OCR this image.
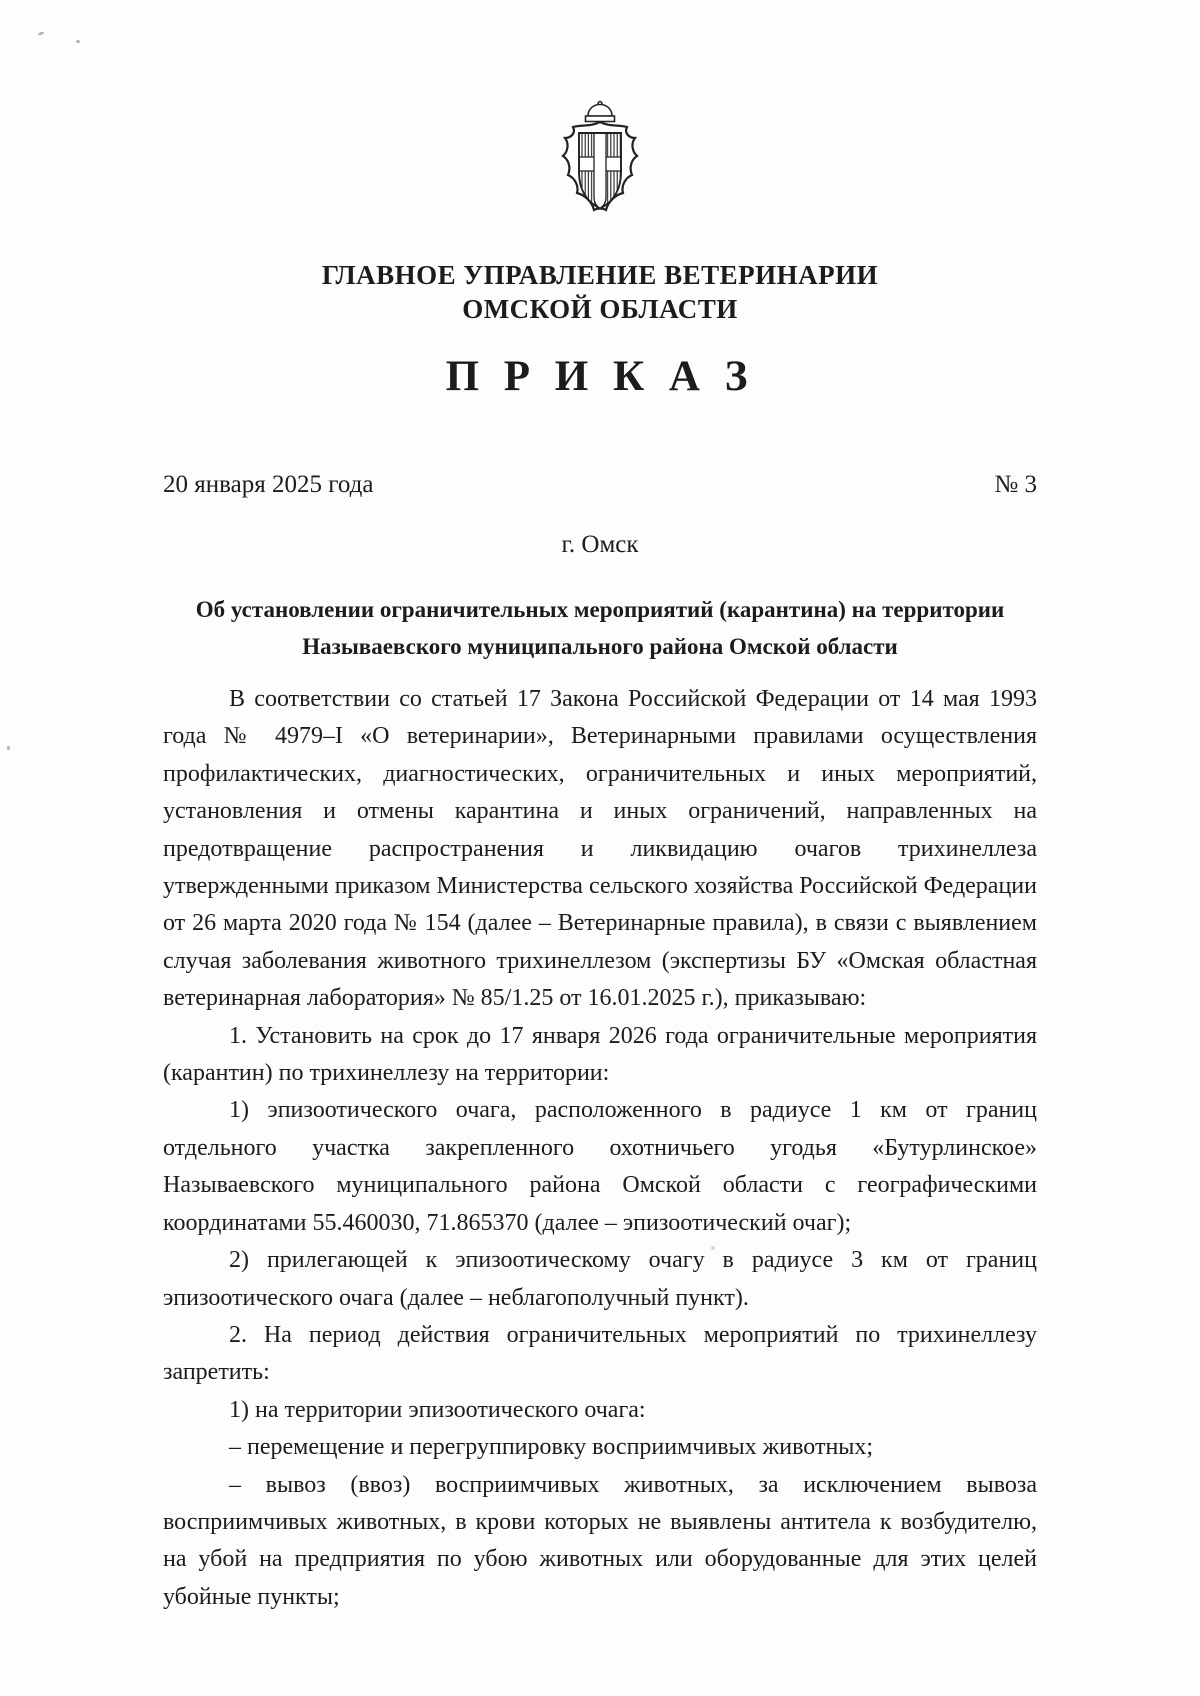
ГЛАВНОЕ УПРАВЛЕНИЕ ВЕТЕРИНАРИИ
ОМСКОЙ ОБЛАСТИ
П Р И К А З
20 января 2025 года	№ 3
г. Омск
Об установлении ограничительных мероприятий (карантина) на территории Называевского муниципального района Омской области

В соответствии со статьей 17 Закона Российской Федерации от 14 мая 1993 года № 4979–I «О ветеринарии», Ветеринарными правилами осуществления профилактических, диагностических, ограничительных и иных мероприятий, установления и отмены карантина и иных ограничений, направленных на предотвращение распространения и ликвидацию очагов трихинеллеза утвержденными приказом Министерства сельского хозяйства Российской Федерации от 26 марта 2020 года № 154 (далее – Ветеринарные правила), в связи с выявлением случая заболевания животного трихинеллезом (экспертизы БУ «Омская областная ветеринарная лаборатория» № 85/1.25 от 16.01.2025 г.), приказываю:

1. Установить на срок до 17 января 2026 года ограничительные мероприятия (карантин) по трихинеллезу на территории:

1) эпизоотического очага, расположенного в радиусе 1 км от границ отдельного участка закрепленного охотничьего угодья «Бутурлинское» Называевского муниципального района Омской области с географическими координатами 55.460030, 71.865370 (далее – эпизоотический очаг);

2) прилегающей к эпизоотическому очагу в радиусе 3 км от границ эпизоотического очага (далее – неблагополучный пункт).

2. На период действия ограничительных мероприятий по трихинеллезу запретить:

1) на территории эпизоотического очага:

– перемещение и перегруппировку восприимчивых животных;

– вывоз (ввоз) восприимчивых животных, за исключением вывоза восприимчивых животных, в крови которых не выявлены антитела к возбудителю, на убой на предприятия по убою животных или оборудованные для этих целей убойные пункты;
